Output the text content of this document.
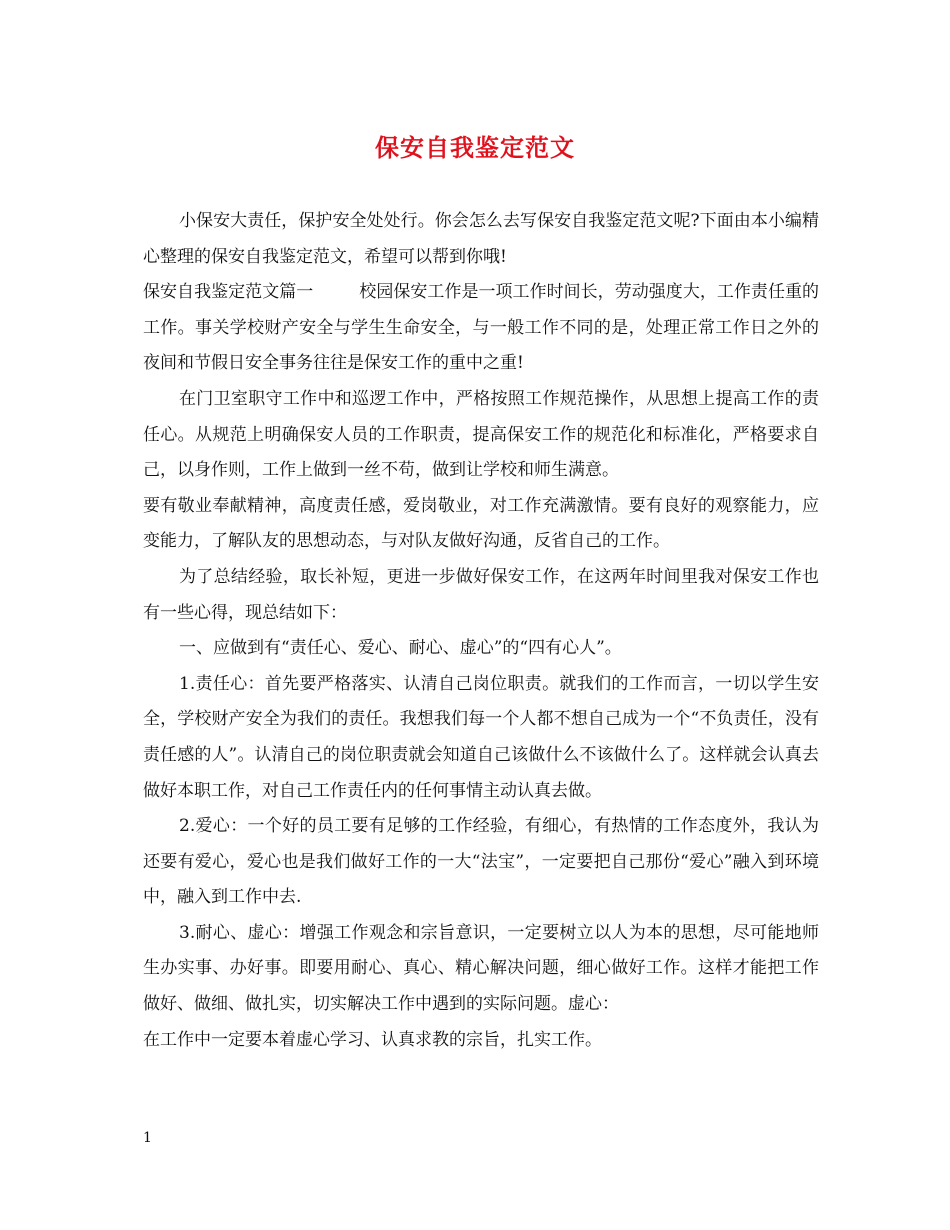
保安自我鉴定范文

小保安大责任，保护安全处处行。你会怎么去写保安自我鉴定范文呢?下面由本小编精心整理的保安自我鉴定范文，希望可以帮到你哦!

保安自我鉴定范文篇一	校园保安工作是一项工作时间长，劳动强度大，工作责任重的工作。事关学校财产安全与学生生命安全，与一般工作不同的是，处理正常工作日之外的夜间和节假日安全事务往往是保安工作的重中之重!

在门卫室职守工作中和巡逻工作中，严格按照工作规范操作，从思想上提高工作的责任心。从规范上明确保安人员的工作职责，提高保安工作的规范化和标准化，严格要求自己，以身作则，工作上做到一丝不苟，做到让学校和师生满意。

要有敬业奉献精神，高度责任感，爱岗敬业，对工作充满激情。要有良好的观察能力，应变能力，了解队友的思想动态，与对队友做好沟通，反省自己的工作。

为了总结经验，取长补短，更进一步做好保安工作，在这两年时间里我对保安工作也有一些心得，现总结如下：

一、应做到有“责任心、爱心、耐心、虚心”的“四有心人”。

1.责任心：首先要严格落实、认清自己岗位职责。就我们的工作而言，一切以学生安全，学校财产安全为我们的责任。我想我们每一个人都不想自己成为一个“不负责任，没有责任感的人”。认清自己的岗位职责就会知道自己该做什么不该做什么了。这样就会认真去做好本职工作，对自己工作责任内的任何事情主动认真去做。

2.爱心：一个好的员工要有足够的工作经验，有细心，有热情的工作态度外，我认为还要有爱心，爱心也是我们做好工作的一大“法宝”，一定要把自己那份“爱心”融入到环境中，融入到工作中去.

3.耐心、虚心：增强工作观念和宗旨意识，一定要树立以人为本的思想，尽可能地师生办实事、办好事。即要用耐心、真心、精心解决问题，细心做好工作。这样才能把工作做好、做细、做扎实，切实解决工作中遇到的实际问题。虚心：

在工作中一定要本着虚心学习、认真求教的宗旨，扎实工作。

1
